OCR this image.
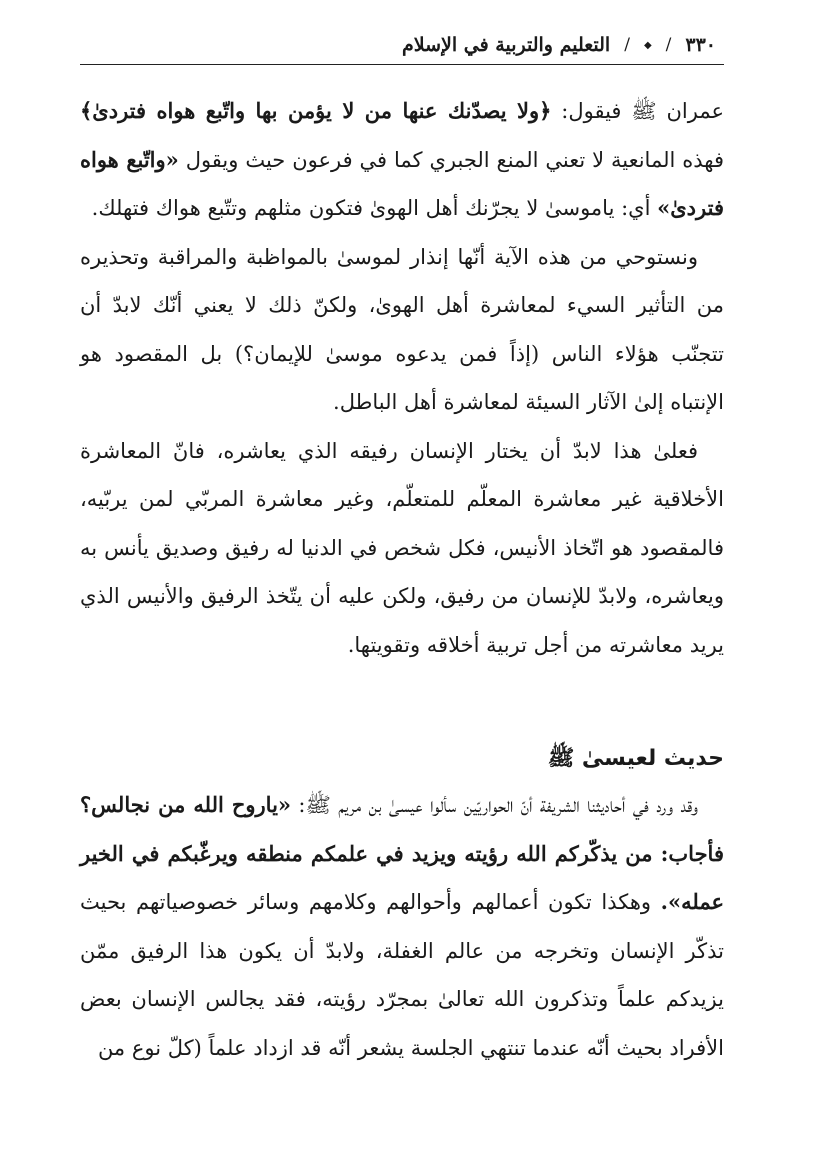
٣٣٠
/
◆
/
التعليم والتربية في الإسلام

عمران ﷺ فيقول: ﴿ولا يصدّنك عنها من لا يؤمن بها واتّبع هواه فتردىٰ﴾ فهذه المانعية لا تعني المنع الجبري كما في فرعون حيث ويقول «واتّبع هواه فتردىٰ» أي: ياموسىٰ لا يجرّنك أهل الهوىٰ فتكون مثلهم وتتّبع هواك فتهلك.

ونستوحي من هذه الآية أنّها إنذار لموسىٰ بالمواظبة والمراقبة وتحذيره من التأثير السيء لمعاشرة أهل الهوىٰ، ولكنّ ذلك لا يعني أنّك لابدّ أن تتجنّب هؤلاء الناس (إذاً فمن يدعوه موسىٰ للإيمان؟) بل المقصود هو الإنتباه إلىٰ الآثار السيئة لمعاشرة أهل الباطل.

فعلىٰ هذا لابدّ أن يختار الإنسان رفيقه الذي يعاشره، فانّ المعاشرة الأخلاقية غير معاشرة المعلّم للمتعلّم، وغير معاشرة المربّي لمن يربّيه، فالمقصود هو اتّخاذ الأنيس، فكل شخص في الدنيا له رفيق وصديق يأنس به ويعاشره، ولابدّ للإنسان من رفيق، ولكن عليه أن يتّخذ الرفيق والأنيس الذي يريد معاشرته من أجل تربية أخلاقه وتقويتها.

حديث لعيسىٰ ﷺ

وقد ورد في أحاديثنا الشريفة أنّ الحواريّين سألوا عيسىٰ بن مريم ﷺ: «ياروح الله من نجالس؟ فأجاب: من يذكّركم الله رؤيته ويزيد في علمكم منطقه ويرغّبكم في الخير عمله». وهكذا تكون أعمالهم وأحوالهم وكلامهم وسائر خصوصياتهم بحيث تذكّر الإنسان وتخرجه من عالم الغفلة، ولابدّ أن يكون هذا الرفيق ممّن يزيدكم علماً وتذكرون الله تعالىٰ بمجرّد رؤيته، فقد يجالس الإنسان بعض الأفراد بحيث أنّه عندما تنتهي الجلسة يشعر أنّه قد ازداد علماً (كلّ نوع من
